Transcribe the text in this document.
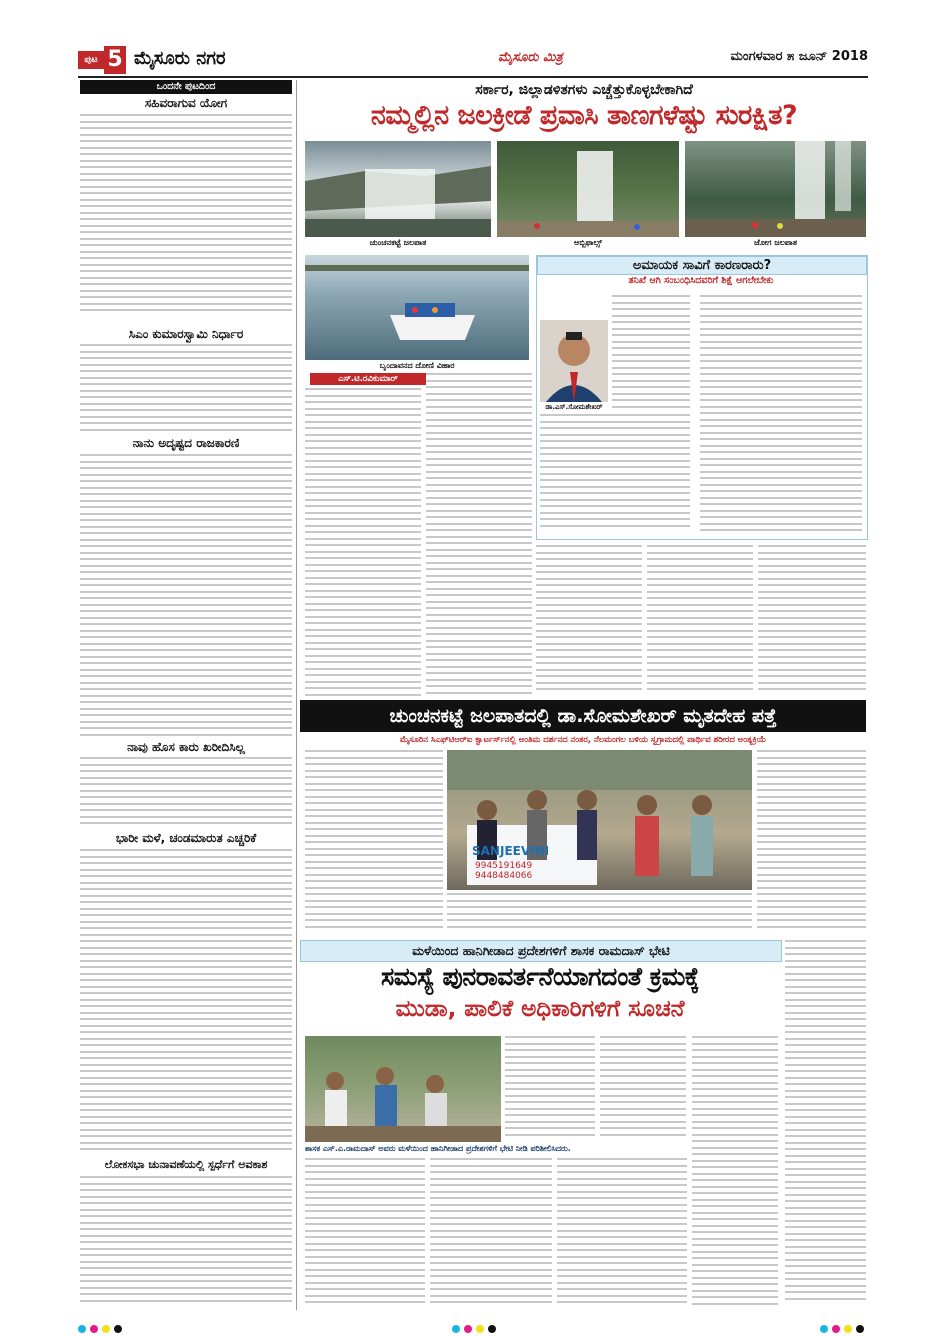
ಪುಟ 5 ಮೈಸೂರು ನಗರ	ಮೈಸೂರು ಮಿತ್ರ	ಮಂಗಳವಾರ ೫ ಜೂನ್ 2018
ಒಂದನೇ ಪುಟದಿಂದ
ಸಹಿವರಾಗುವ ಯೋಗ
ಸಿಎಂ ಕುಮಾರಸ್ವಾಮಿ ನಿರ್ಧಾರ
ನಾನು ಅದೃಷ್ಟದ ರಾಜಕಾರಣಿ
ನಾವು ಹೊಸ ಕಾರು ಖರೀದಿಸಿಲ್ಲ
ಭಾರೀ ಮಳೆ, ಚಂಡಮಾರುತ ಎಚ್ಚರಿಕೆ
ಲೋಕಸಭಾ ಚುನಾವಣೆಯಲ್ಲಿ ಸ್ಪರ್ಧೆಗೆ ಅವಕಾಶ
ಸರ್ಕಾರ, ಜಿಲ್ಲಾಡಳಿತಗಳು ಎಚ್ಚೆತ್ತುಕೊಳ್ಳಬೇಕಾಗಿದೆ
ನಮ್ಮಲ್ಲಿನ ಜಲಕ್ರೀಡೆ ಪ್ರವಾಸಿ ತಾಣಗಳೆಷ್ಟು ಸುರಕ್ಷಿತ?
ಚುಂಚನಕಟ್ಟೆ ಜಲಪಾತ	ಅಬ್ಬಿಫಾಲ್ಸ್	ಜೋಗ ಜಲಪಾತ
ಬೃಂದಾವನದ ದೋಣಿ ವಿಹಾರ
ಎಸ್.ಟಿ.ರವಿಕುಮಾರ್
ಅಮಾಯಕ ಸಾವಿಗೆ ಕಾರಣರಾರು?
ತನಿಖೆ ಆಗಿ ಸಂಬಂಧಿಸಿದವರಿಗೆ ಶಿಕ್ಷೆ ಆಗಲೇಬೇಕು
ಡಾ.ಎಸ್.ಸೋಮಶೇಖರ್
ಚುಂಚನಕಟ್ಟೆ ಜಲಪಾತದಲ್ಲಿ ಡಾ.ಸೋಮಶೇಖರ್ ಮೃತದೇಹ ಪತ್ತೆ
ಮೈಸೂರಿನ ಸಿಎಫ್‌ಟಿಆರ್‌ಐ ಕ್ವಾರ್ಟರ್ಸ್‌ನಲ್ಲಿ ಅಂತಿಮ ದರ್ಶನದ ನಂತರ, ನೆಲಮಂಗಲ ಬಳಿಯ ಸ್ವಗ್ರಾಮದಲ್ಲಿ ಪಾರ್ಥಿವ ಶರೀರದ ಅಂತ್ಯಕ್ರಿಯೆ
SANJEEVINI
9945191649
9448484066
ಮಳೆಯಿಂದ ಹಾನಿಗೀಡಾದ ಪ್ರದೇಶಗಳಿಗೆ ಶಾಸಕ ರಾಮದಾಸ್ ಭೇಟಿ
ಸಮಸ್ಯೆ ಪುನರಾವರ್ತನೆಯಾಗದಂತೆ ಕ್ರಮಕ್ಕೆ
ಮುಡಾ, ಪಾಲಿಕೆ ಅಧಿಕಾರಿಗಳಿಗೆ ಸೂಚನೆ
ಶಾಸಕ ಎಸ್.ಎ.ರಾಮದಾಸ್ ಅವರು ಮಳೆಯಿಂದ ಹಾನಿಗೀಡಾದ ಪ್ರದೇಶಗಳಿಗೆ ಭೇಟಿ ನೀಡಿ ಪರಿಶೀಲಿಸಿದರು.
